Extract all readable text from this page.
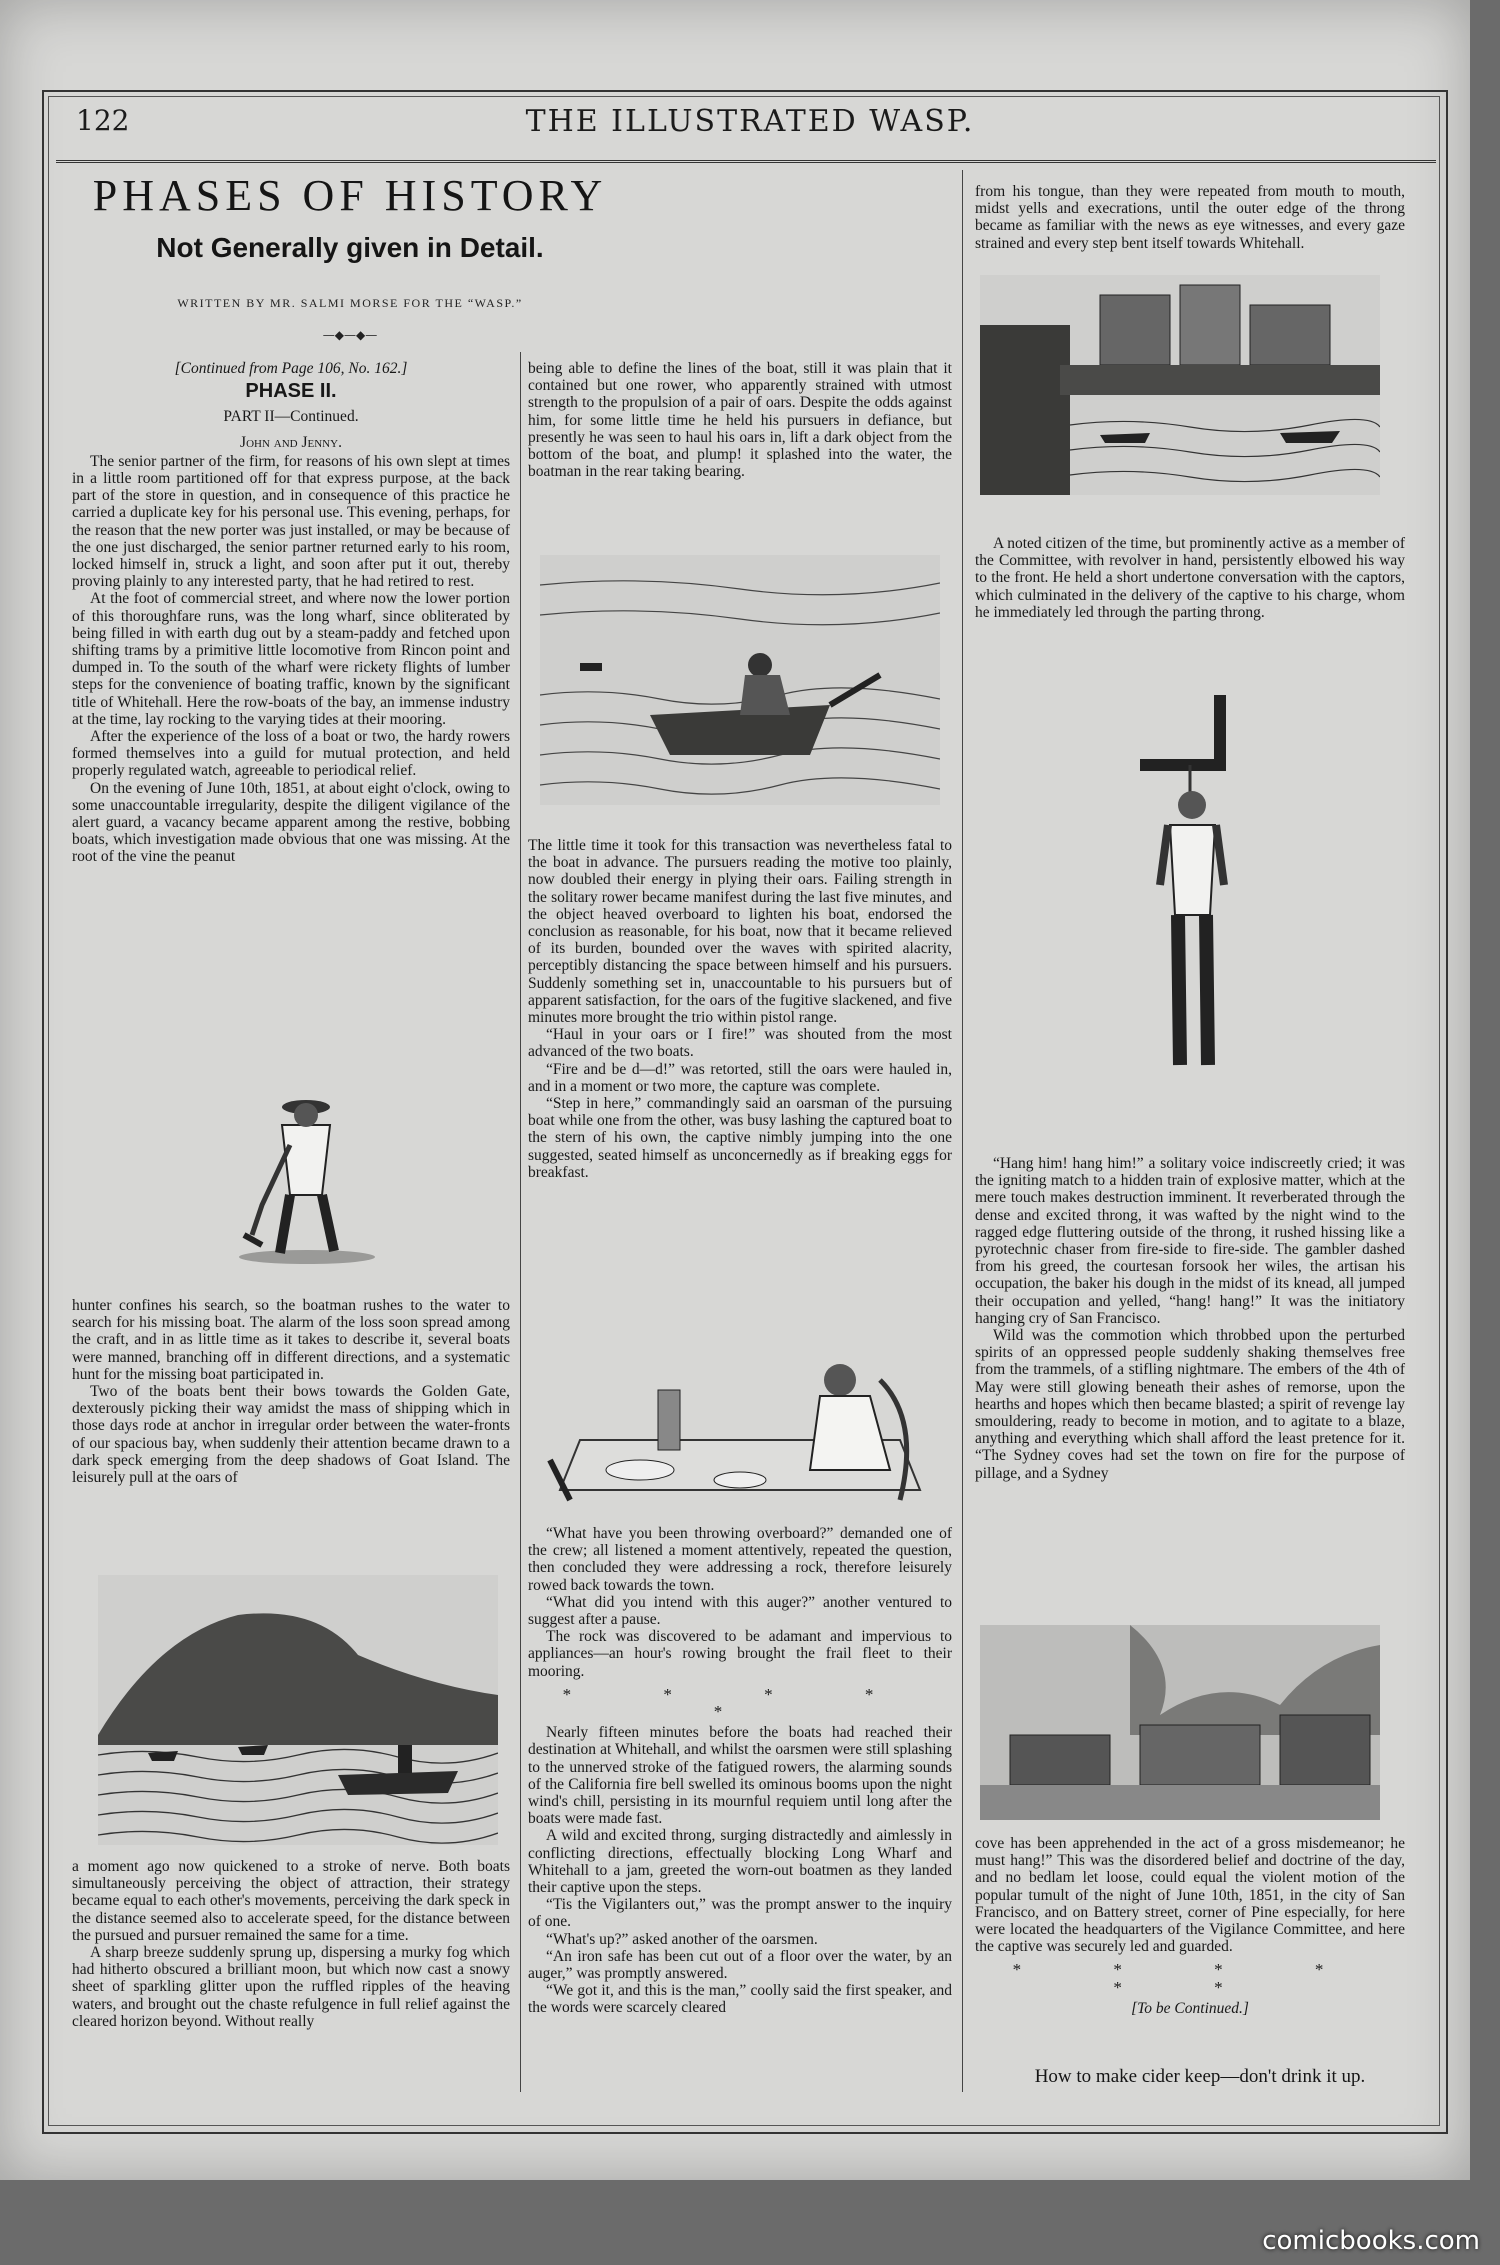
122	THE ILLUSTRATED WASP.
PHASES OF HISTORY
Not Generally given in Detail.
WRITTEN BY MR. SALMI MORSE FOR THE “WASP.”
—◆—◆—
[Continued from Page 106, No. 162.]
PHASE II.
PART II—Continued.
John and Jenny.

The senior partner of the firm, for reasons of his own slept at times in a little room partitioned off for that express purpose, at the back part of the store in question, and in consequence of this practice he carried a duplicate key for his personal use. This evening, perhaps, for the reason that the new porter was just installed, or may be because of the one just discharged, the senior partner returned early to his room, locked himself in, struck a light, and soon after put it out, thereby proving plainly to any interested party, that he had retired to rest.

At the foot of commercial street, and where now the lower portion of this thoroughfare runs, was the long wharf, since obliterated by being filled in with earth dug out by a steam-paddy and fetched upon shifting trams by a primitive little locomotive from Rincon point and dumped in. To the south of the wharf were rickety flights of lumber steps for the convenience of boating traffic, known by the significant title of Whitehall. Here the row-boats of the bay, an immense industry at the time, lay rocking to the varying tides at their mooring.

After the experience of the loss of a boat or two, the hardy rowers formed themselves into a guild for mutual protection, and held properly regulated watch, agreeable to periodical relief.

On the evening of June 10th, 1851, at about eight o'clock, owing to some unaccountable irregularity, despite the diligent vigilance of the alert guard, a vacancy became apparent among the restive, bobbing boats, which investigation made obvious that one was missing. At the root of the vine the peanut

hunter confines his search, so the boatman rushes to the water to search for his missing boat. The alarm of the loss soon spread among the craft, and in as little time as it takes to describe it, several boats were manned, branching off in different directions, and a systematic hunt for the missing boat participated in.

Two of the boats bent their bows towards the Golden Gate, dexterously picking their way amidst the mass of shipping which in those days rode at anchor in irregular order between the water-fronts of our spacious bay, when suddenly their attention became drawn to a dark speck emerging from the deep shadows of Goat Island. The leisurely pull at the oars of

a moment ago now quickened to a stroke of nerve. Both boats simultaneously perceiving the object of attraction, their strategy became equal to each other's movements, perceiving the dark speck in the distance seemed also to accelerate speed, for the distance between the pursued and pursuer remained the same for a time.

A sharp breeze suddenly sprung up, dispersing a murky fog which had hitherto obscured a brilliant moon, but which now cast a snowy sheet of sparkling glitter upon the ruffled ripples of the heaving waters, and brought out the chaste refulgence in full relief against the cleared horizon beyond. Without really

being able to define the lines of the boat, still it was plain that it contained but one rower, who apparently strained with utmost strength to the propulsion of a pair of oars. Despite the odds against him, for some little time he held his pursuers in defiance, but presently he was seen to haul his oars in, lift a dark object from the bottom of the boat, and plump! it splashed into the water, the boatman in the rear taking bearing.

The little time it took for this transaction was nevertheless fatal to the boat in advance. The pursuers reading the motive too plainly, now doubled their energy in plying their oars. Failing strength in the solitary rower became manifest during the last five minutes, and the object heaved overboard to lighten his boat, endorsed the conclusion as reasonable, for his boat, now that it became relieved of its burden, bounded over the waves with spirited alacrity, perceptibly distancing the space between himself and his pursuers. Suddenly something set in, unaccountable to his pursuers but of apparent satisfaction, for the oars of the fugitive slackened, and five minutes more brought the trio within pistol range.

“Haul in your oars or I fire!” was shouted from the most advanced of the two boats.

“Fire and be d—d!” was retorted, still the oars were hauled in, and in a moment or two more, the capture was complete.

“Step in here,” commandingly said an oarsman of the pursuing boat while one from the other, was busy lashing the captured boat to the stern of his own, the captive nimbly jumping into the one suggested, seated himself as unconcernedly as if breaking eggs for breakfast.

“What have you been throwing overboard?” demanded one of the crew; all listened a moment attentively, repeated the question, then concluded they were addressing a rock, therefore leisurely rowed back towards the town.

“What did you intend with this auger?” another ventured to suggest after a pause.

The rock was discovered to be adamant and impervious to appliances—an hour's rowing brought the frail fleet to their mooring.

* * * * *

Nearly fifteen minutes before the boats had reached their destination at Whitehall, and whilst the oarsmen were still splashing to the unnerved stroke of the fatigued rowers, the alarming sounds of the California fire bell swelled its ominous booms upon the night wind's chill, persisting in its mournful requiem until long after the boats were made fast.

A wild and excited throng, surging distractedly and aimlessly in conflicting directions, effectually blocking Long Wharf and Whitehall to a jam, greeted the worn-out boatmen as they landed their captive upon the steps.

“Tis the Vigilanters out,” was the prompt answer to the inquiry of one.

“What's up?” asked another of the oarsmen.

“An iron safe has been cut out of a floor over the water, by an auger,” was promptly answered.

“We got it, and this is the man,” coolly said the first speaker, and the words were scarcely cleared

from his tongue, than they were repeated from mouth to mouth, midst yells and execrations, until the outer edge of the throng became as familiar with the news as eye witnesses, and every gaze strained and every step bent itself towards Whitehall.

A noted citizen of the time, but prominently active as a member of the Committee, with revolver in hand, persistently elbowed his way to the front. He held a short undertone conversation with the captors, which culminated in the delivery of the captive to his charge, whom he immediately led through the parting throng.

“Hang him! hang him!” a solitary voice indiscreetly cried; it was the igniting match to a hidden train of explosive matter, which at the mere touch makes destruction imminent. It reverberated through the dense and excited throng, it was wafted by the night wind to the ragged edge fluttering outside of the throng, it rushed hissing like a pyrotechnic chaser from fire-side to fire-side. The gambler dashed from his greed, the courtesan forsook her wiles, the artisan his occupation, the baker his dough in the midst of its knead, all jumped their occupation and yelled, “hang! hang!” It was the initiatory hanging cry of San Francisco.

Wild was the commotion which throbbed upon the perturbed spirits of an oppressed people suddenly shaking themselves free from the trammels, of a stifling nightmare. The embers of the 4th of May were still glowing beneath their ashes of remorse, upon the hearths and hopes which then became blasted; a spirit of revenge lay smouldering, ready to become in motion, and to agitate to a blaze, anything and everything which shall afford the least pretence for it. “The Sydney coves had set the town on fire for the purpose of pillage, and a Sydney

cove has been apprehended in the act of a gross misdemeanor; he must hang!” This was the disordered belief and doctrine of the day, and no bedlam let loose, could equal the violent motion of the popular tumult of the night of June 10th, 1851, in the city of San Francisco, and on Battery street, corner of Pine especially, for here were located the headquarters of the Vigilance Committee, and here the captive was securely led and guarded.

* * * * * *
[To be Continued.]
How to make cider keep—don't drink it up.
comicbooks.com
